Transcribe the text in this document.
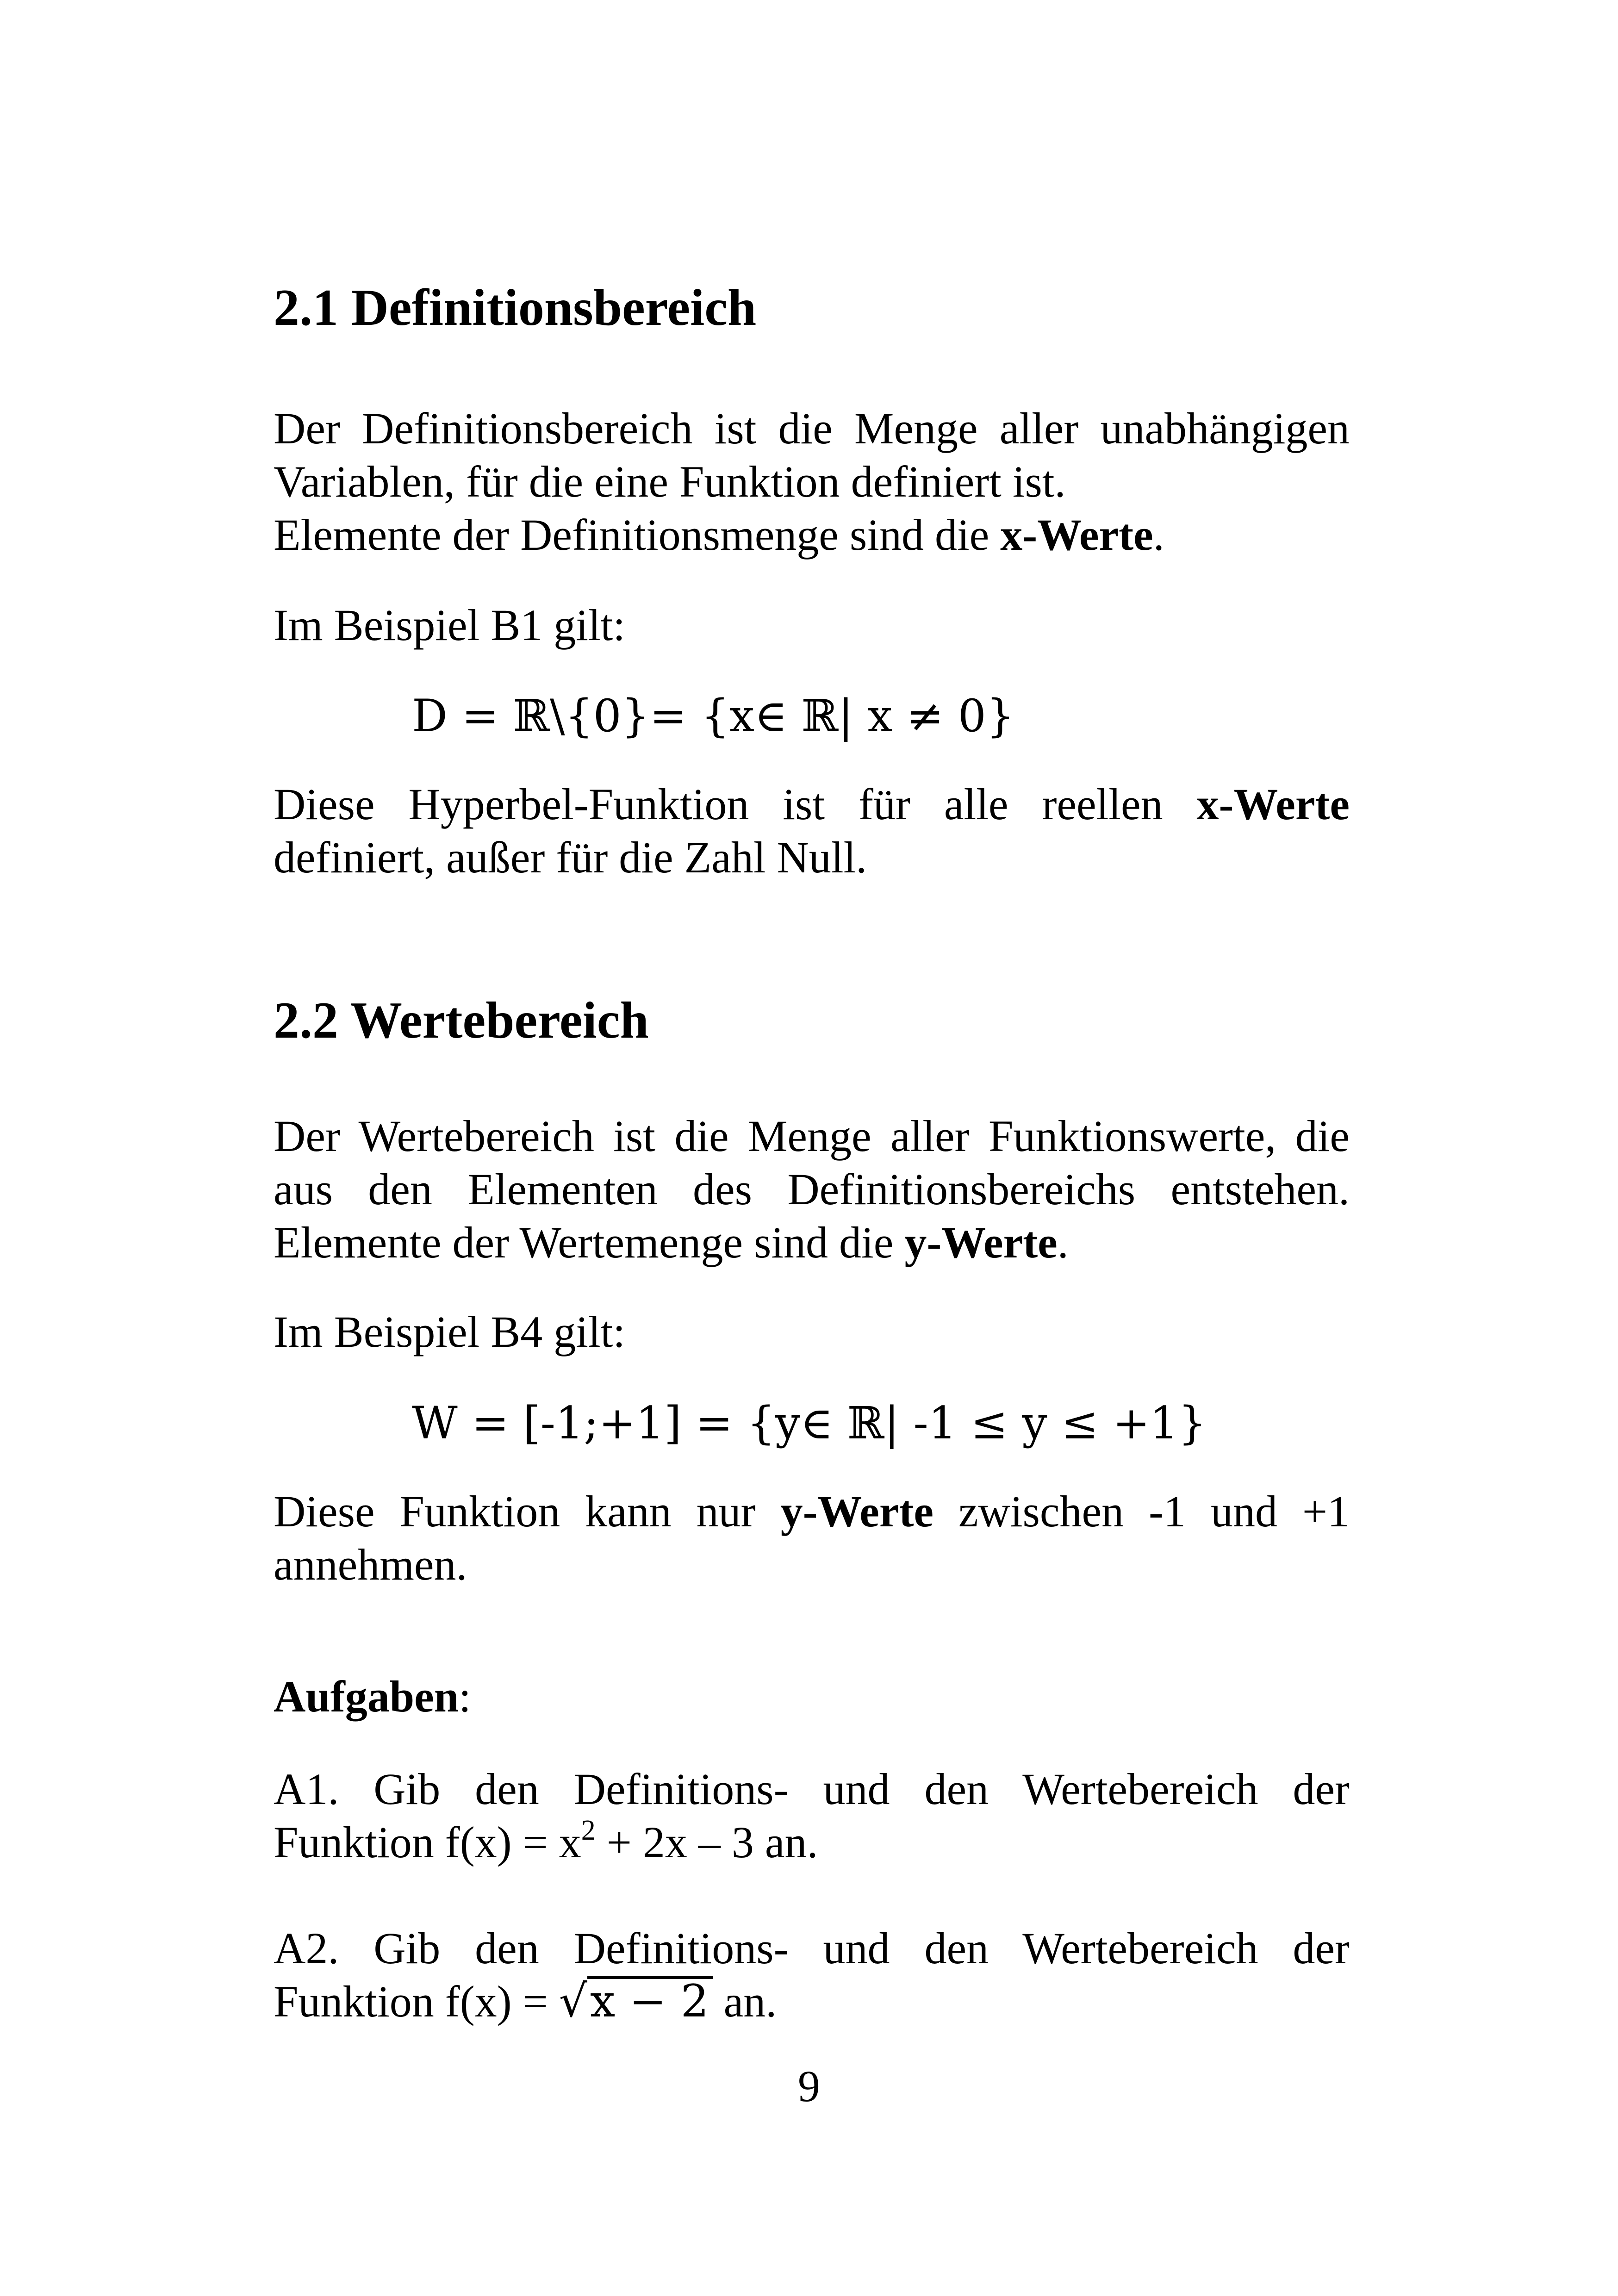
2.1 Definitionsbereich

Der Definitionsbereich ist die Menge aller unabhängigen
Variablen, für die eine Funktion definiert ist.
Elemente der Definitionsmenge sind die x-Werte.

Im Beispiel B1 gilt:

D = ℝ\{0}= {x∈ ℝ| x ≠ 0}

Diese Hyperbel-Funktion ist für alle reellen x-Werte
definiert, außer für die Zahl Null.

2.2 Wertebereich

Der Wertebereich ist die Menge aller Funktionswerte, die
aus den Elementen des Definitionsbereichs entstehen.
Elemente der Wertemenge sind die y-Werte.

Im Beispiel B4 gilt:

W = [-1;+1] = {y∈ ℝ| -1 ≤ y ≤ +1}

Diese Funktion kann nur y-Werte zwischen -1 und +1
annehmen.

Aufgaben:

A1. Gib den Definitions- und den Wertebereich der
Funktion $f(x) = x^2 + 2x - 3$ an.

A2. Gib den Definitions- und den Wertebereich der
Funktion f(x) = √x − 2 an.

9
